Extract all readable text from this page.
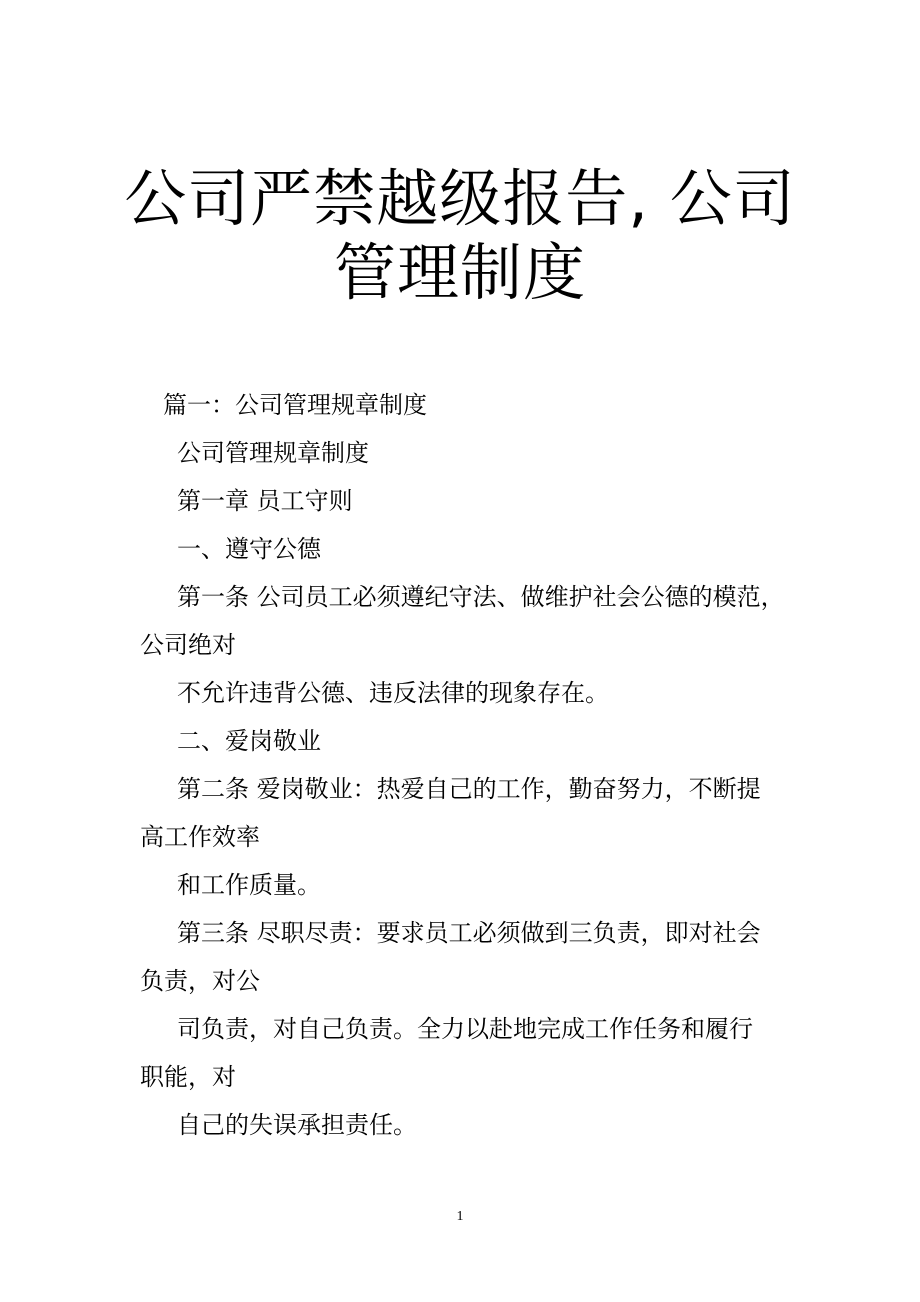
公司严禁越级报告, 公司
管理制度
篇一：公司管理规章制度
公司管理规章制度
第一章 员工守则
一、遵守公德
第一条 公司员工必须遵纪守法、做维护社会公德的模范，
公司绝对
不允许违背公德、违反法律的现象存在。
二、爱岗敬业
第二条 爱岗敬业：热爱自己的工作，勤奋努力，不断提
高工作效率
和工作质量。
第三条 尽职尽责：要求员工必须做到三负责，即对社会
负责，对公
司负责，对自己负责。全力以赴地完成工作任务和履行
职能，对
自己的失误承担责任。
1
